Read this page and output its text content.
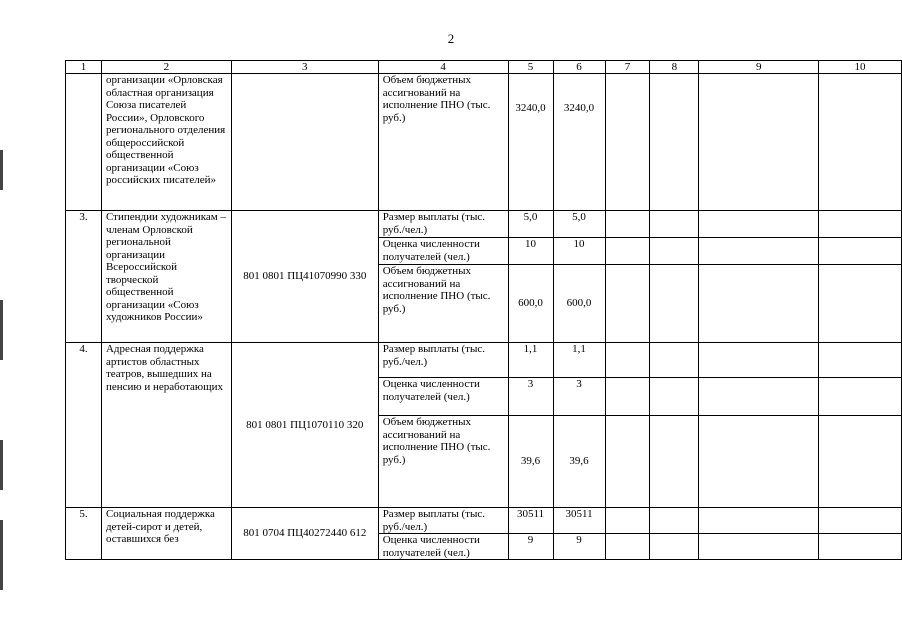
2
1	2	3	4	5	6	7	8	9	10
	организации «Орловская областная организация Союза писателей России», Орловского регионального отделения общероссийской общественной организации «Союз российских писателей»		Объем бюджетных ассигнований на исполнение ПНО (тыс. руб.)	3240,0	3240,0				
3.	Стипендии художникам – членам Орловской региональной организации Всероссийской творческой общественной организации «Союз художников России»	801 0801 ПЦ41070990 330	Размер выплаты (тыс. руб./чел.)	5,0	5,0				
			Оценка численности получателей (чел.)	10	10				
			Объем бюджетных ассигнований на исполнение ПНО (тыс. руб.)	600,0	600,0				
4.	Адресная поддержка артистов областных театров, вышедших на пенсию и неработающих	801 0801 ПЦ1070110 320	Размер выплаты (тыс. руб./чел.)	1,1	1,1				
			Оценка численности получателей (чел.)	3	3				
			Объем бюджетных ассигнований на исполнение ПНО (тыс. руб.)	39,6	39,6				
5.	Социальная поддержка детей-сирот и детей, оставшихся без	801 0704 ПЦ40272440 612	Размер выплаты (тыс. руб./чел.)	30511	30511				
			Оценка численности получателей (чел.)	9	9				
